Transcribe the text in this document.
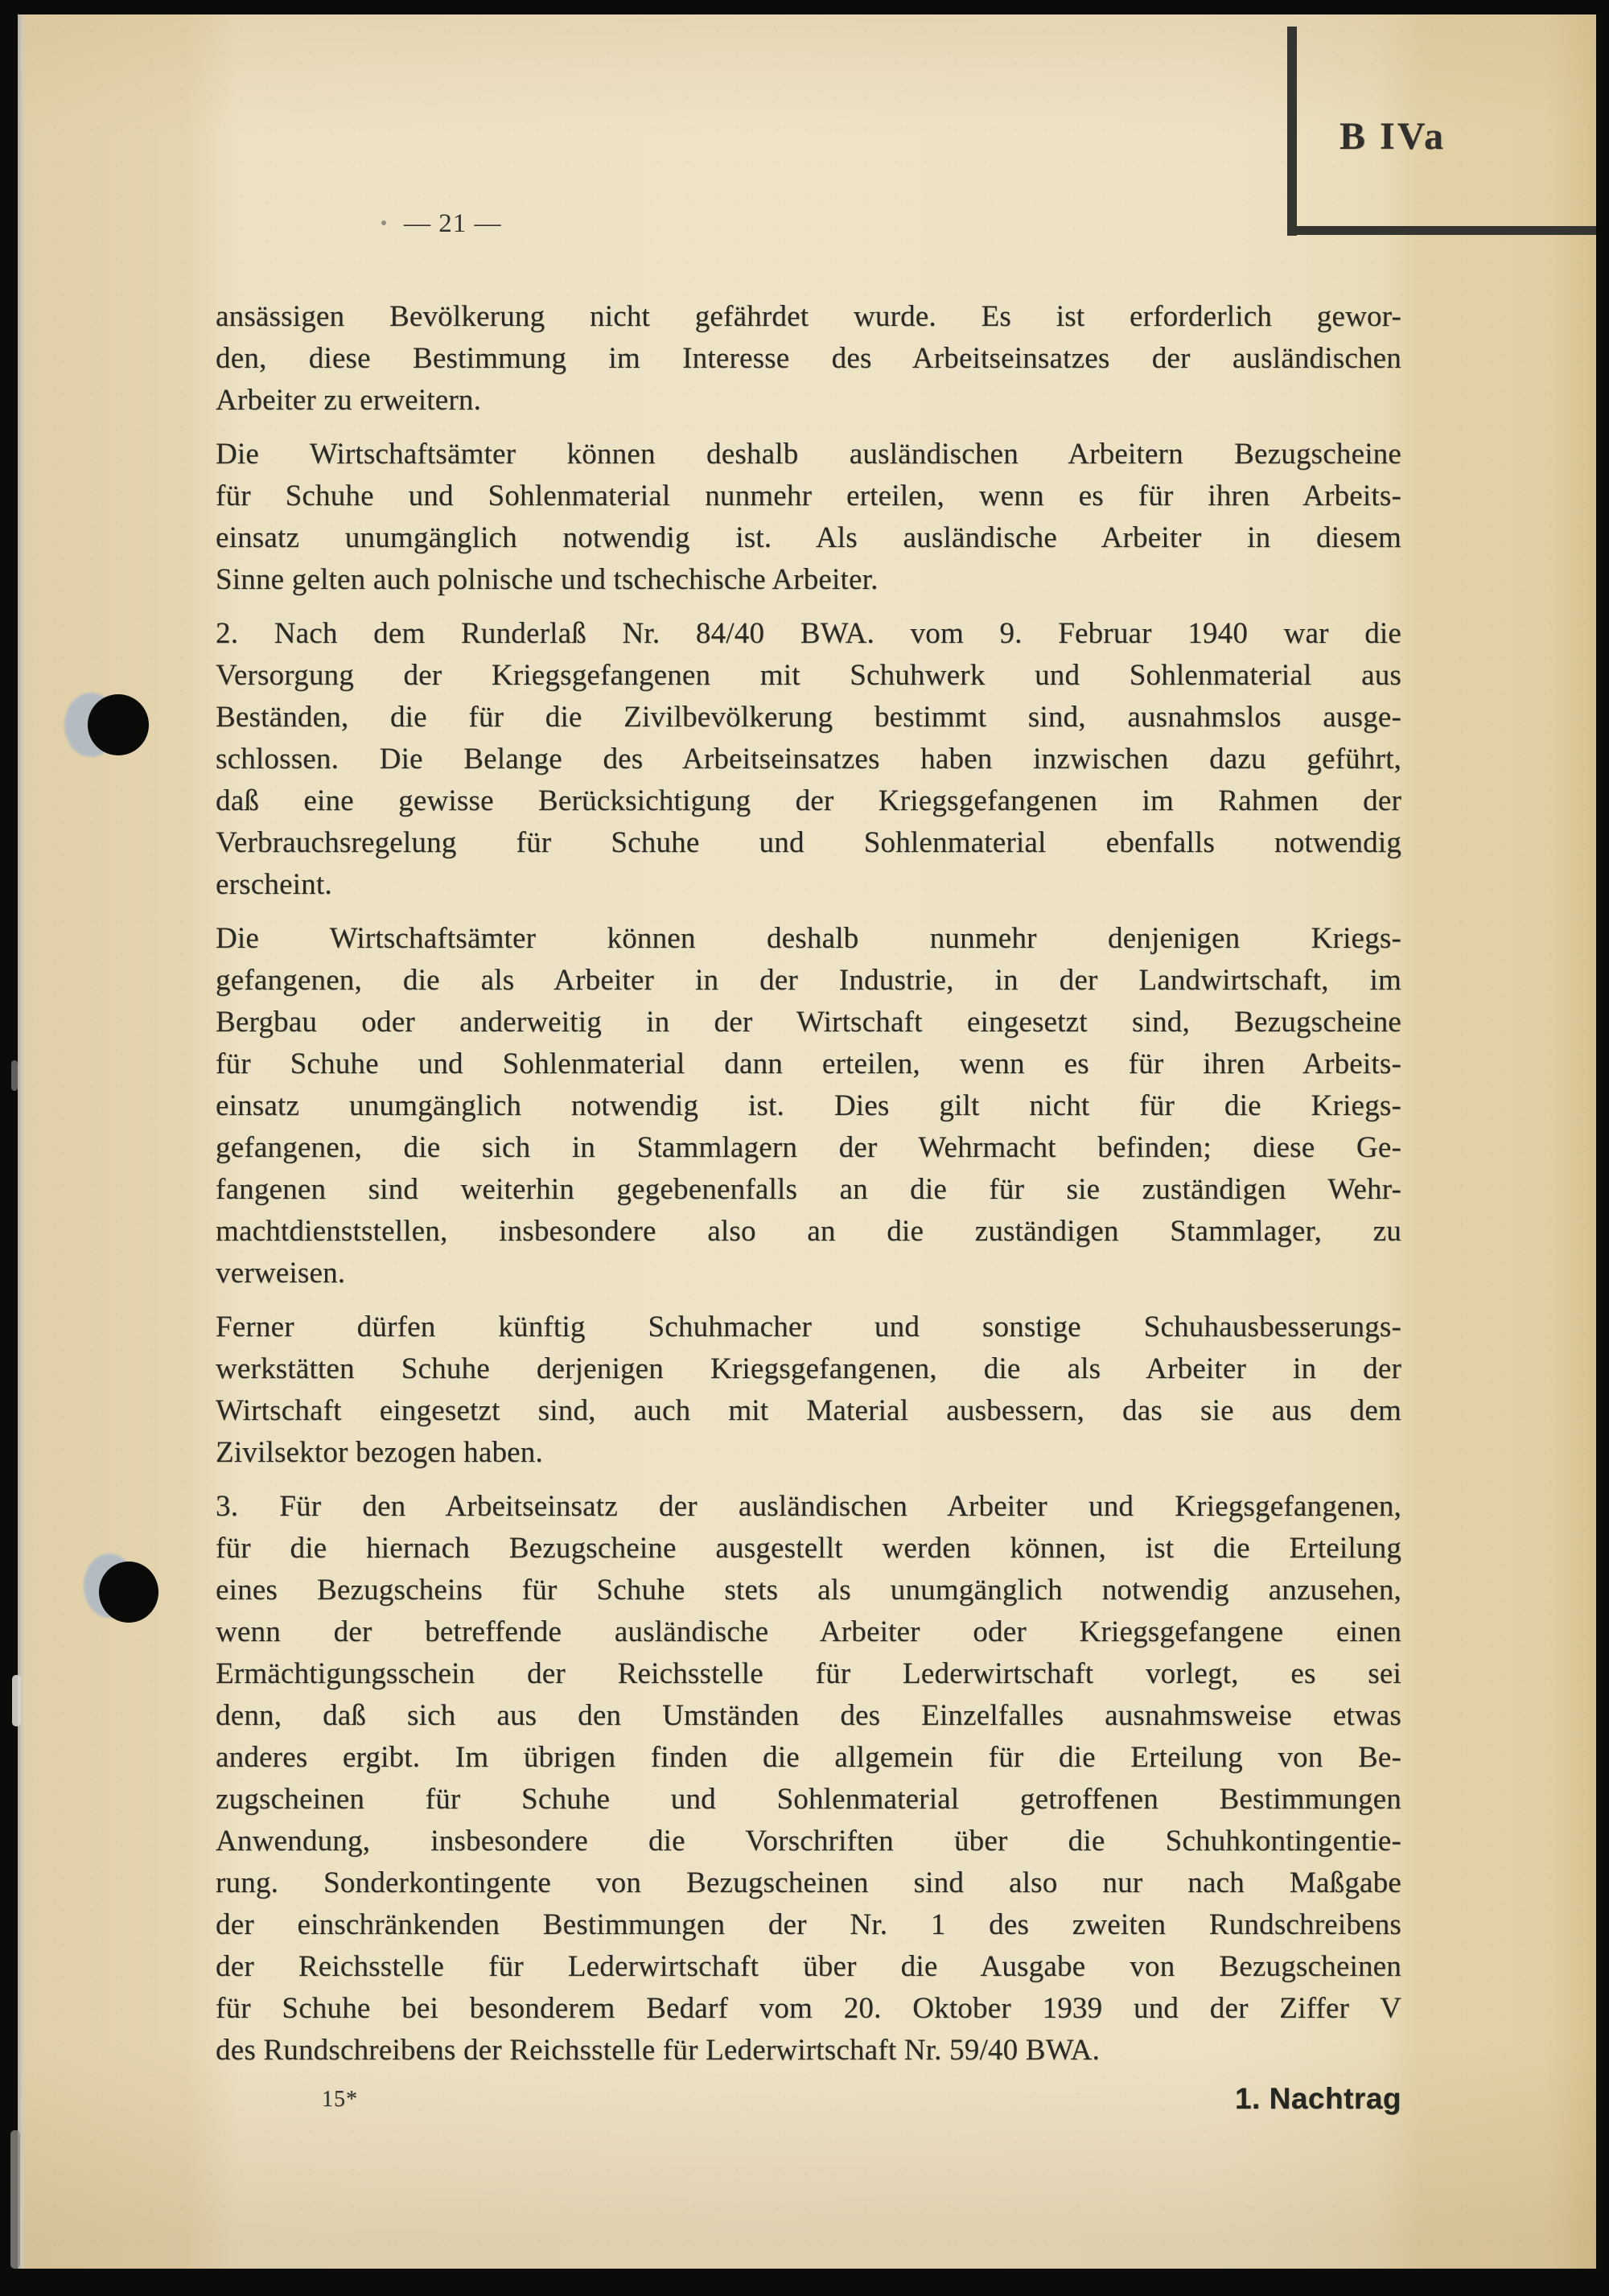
B IVa
— 21 —
ansässigen Bevölkerung nicht gefährdet wurde. Es ist erforderlich gewor-
den, diese Bestimmung im Interesse des Arbeitseinsatzes der ausländischen
Arbeiter zu erweitern.
Die Wirtschaftsämter können deshalb ausländischen Arbeitern Bezugscheine
für Schuhe und Sohlenmaterial nunmehr erteilen, wenn es für ihren Arbeits-
einsatz unumgänglich notwendig ist. Als ausländische Arbeiter in diesem
Sinne gelten auch polnische und tschechische Arbeiter.
2. Nach dem Runderlaß Nr. 84/40 BWA. vom 9. Februar 1940 war die
Versorgung der Kriegsgefangenen mit Schuhwerk und Sohlenmaterial aus
Beständen, die für die Zivilbevölkerung bestimmt sind, ausnahmslos ausge-
schlossen. Die Belange des Arbeitseinsatzes haben inzwischen dazu geführt,
daß eine gewisse Berücksichtigung der Kriegsgefangenen im Rahmen der
Verbrauchsregelung für Schuhe und Sohlenmaterial ebenfalls notwendig
erscheint.
Die Wirtschaftsämter können deshalb nunmehr denjenigen Kriegs-
gefangenen, die als Arbeiter in der Industrie, in der Landwirtschaft, im
Bergbau oder anderweitig in der Wirtschaft eingesetzt sind, Bezugscheine
für Schuhe und Sohlenmaterial dann erteilen, wenn es für ihren Arbeits-
einsatz unumgänglich notwendig ist. Dies gilt nicht für die Kriegs-
gefangenen, die sich in Stammlagern der Wehrmacht befinden; diese Ge-
fangenen sind weiterhin gegebenenfalls an die für sie zuständigen Wehr-
machtdienststellen, insbesondere also an die zuständigen Stammlager, zu
verweisen.
Ferner dürfen künftig Schuhmacher und sonstige Schuhausbesserungs-
werkstätten Schuhe derjenigen Kriegsgefangenen, die als Arbeiter in der
Wirtschaft eingesetzt sind, auch mit Material ausbessern, das sie aus dem
Zivilsektor bezogen haben.
3. Für den Arbeitseinsatz der ausländischen Arbeiter und Kriegsgefangenen,
für die hiernach Bezugscheine ausgestellt werden können, ist die Erteilung
eines Bezugscheins für Schuhe stets als unumgänglich notwendig anzusehen,
wenn der betreffende ausländische Arbeiter oder Kriegsgefangene einen
Ermächtigungsschein der Reichsstelle für Lederwirtschaft vorlegt, es sei
denn, daß sich aus den Umständen des Einzelfalles ausnahmsweise etwas
anderes ergibt. Im übrigen finden die allgemein für die Erteilung von Be-
zugscheinen für Schuhe und Sohlenmaterial getroffenen Bestimmungen
Anwendung, insbesondere die Vorschriften über die Schuhkontingentie-
rung. Sonderkontingente von Bezugscheinen sind also nur nach Maßgabe
der einschränkenden Bestimmungen der Nr. 1 des zweiten Rundschreibens
der Reichsstelle für Lederwirtschaft über die Ausgabe von Bezugscheinen
für Schuhe bei besonderem Bedarf vom 20. Oktober 1939 und der Ziffer V
des Rundschreibens der Reichsstelle für Lederwirtschaft Nr. 59/40 BWA.
15*	1. Nachtrag
